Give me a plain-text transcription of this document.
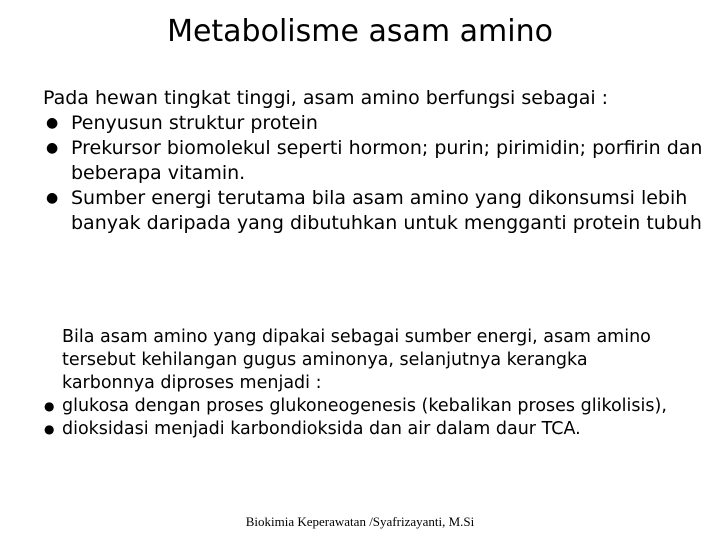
Metabolisme asam amino
Pada hewan tingkat tinggi, asam amino berfungsi sebagai :
● Penyusun struktur protein
● Prekursor biomolekul seperti hormon; purin; pirimidin; porfirin dan beberapa vitamin.
● Sumber energi terutama bila asam amino yang dikonsumsi lebih banyak daripada yang dibutuhkan untuk mengganti protein tubuh
Bila asam amino yang dipakai sebagai sumber energi, asam amino tersebut kehilangan gugus aminonya, selanjutnya kerangka karbonnya diproses menjadi :
● glukosa dengan proses glukoneogenesis (kebalikan proses glikolisis),
● dioksidasi menjadi karbondioksida dan air dalam daur TCA.
Biokimia Keperawatan /Syafrizayanti, M.Si
